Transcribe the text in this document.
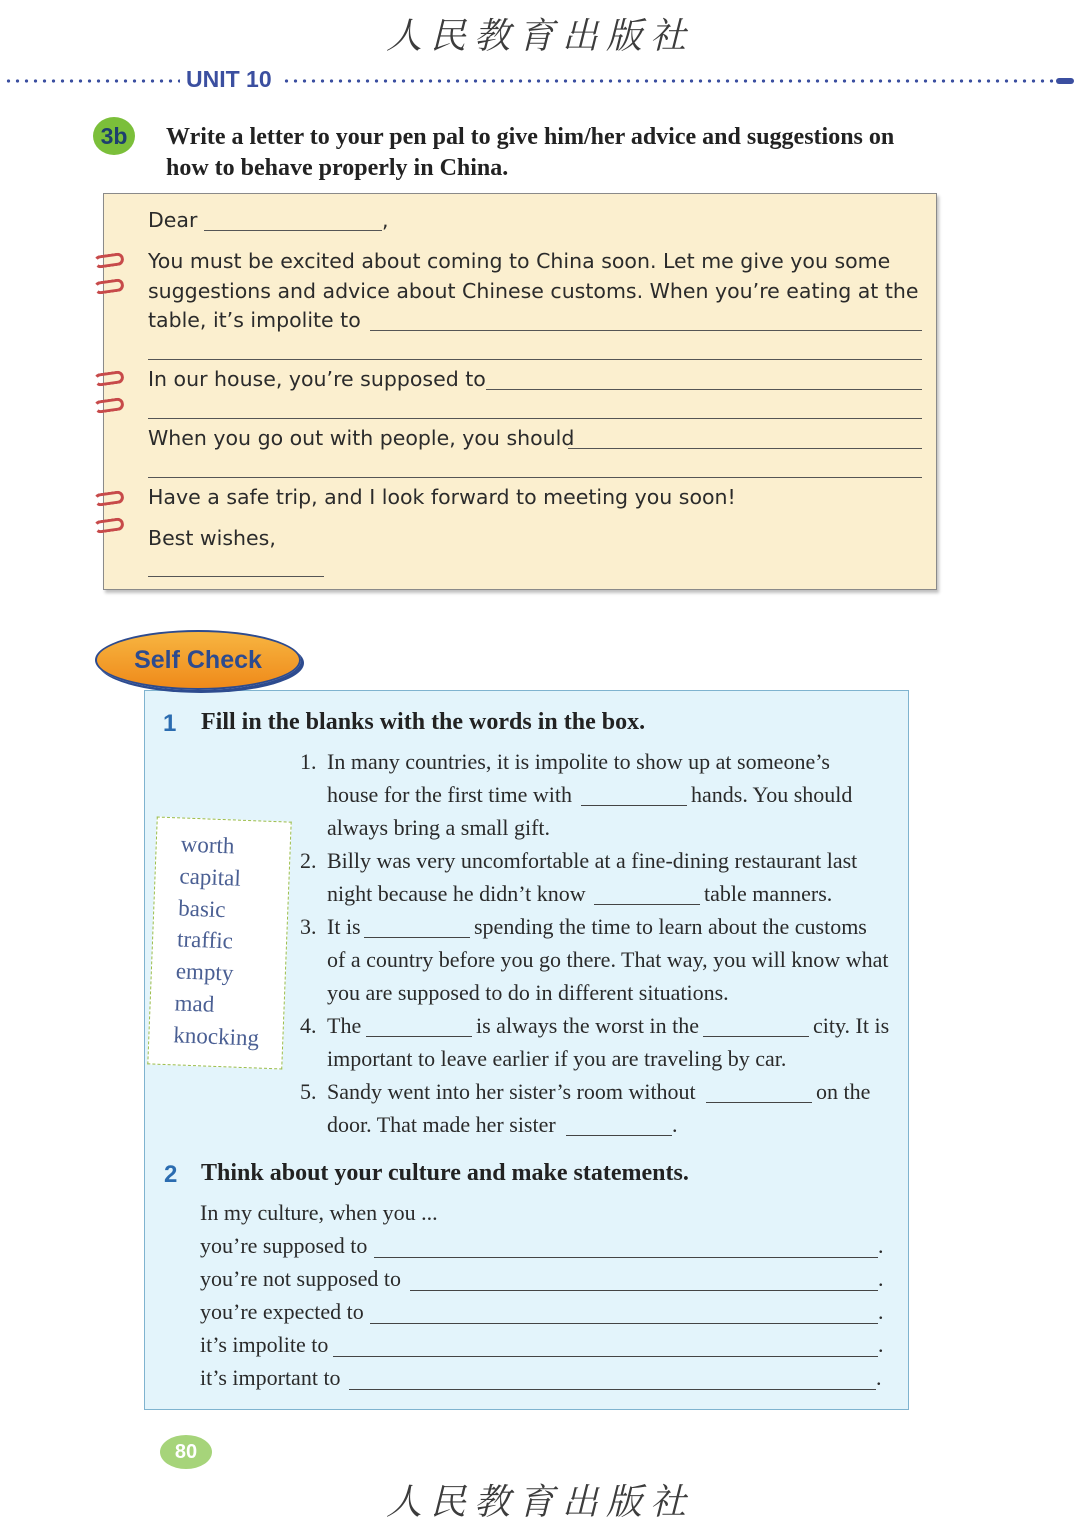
人民教育出版社
UNIT 10
3b	Write a letter to your pen pal to give him/her advice and suggestions on
how to behave properly in China.
Dear	,
You must be excited about coming to China soon. Let me give you some
suggestions and advice about Chinese customs. When you’re eating at the
table, it’s impolite to
In our house, you’re supposed to
When you go out with people, you should
Have a safe trip, and I look forward to meeting you soon!
Best wishes,
Self Check
1 Fill in the blanks with the words in the box.
worth
capital
basic
traffic
empty
mad
knocking
1. In many countries, it is impolite to show up at someone’s
house for the first time with	hands. You should
always bring a small gift.
2. Billy was very uncomfortable at a fine-dining restaurant last
night because he didn’t know	table manners.
3. It is	spending the time to learn about the customs
of a country before you go there. That way, you will know what
you are supposed to do in different situations.
4. The	is always the worst in the	city. It is
important to leave earlier if you are traveling by car.
5. Sandy went into her sister’s room without	on the
door. That made her sister	.
2 Think about your culture and make statements.
In my culture, when you ...
you’re supposed to	.
you’re not supposed to	.
you’re expected to	.
it’s impolite to	.
it’s important to	.
80
人民教育出版社
